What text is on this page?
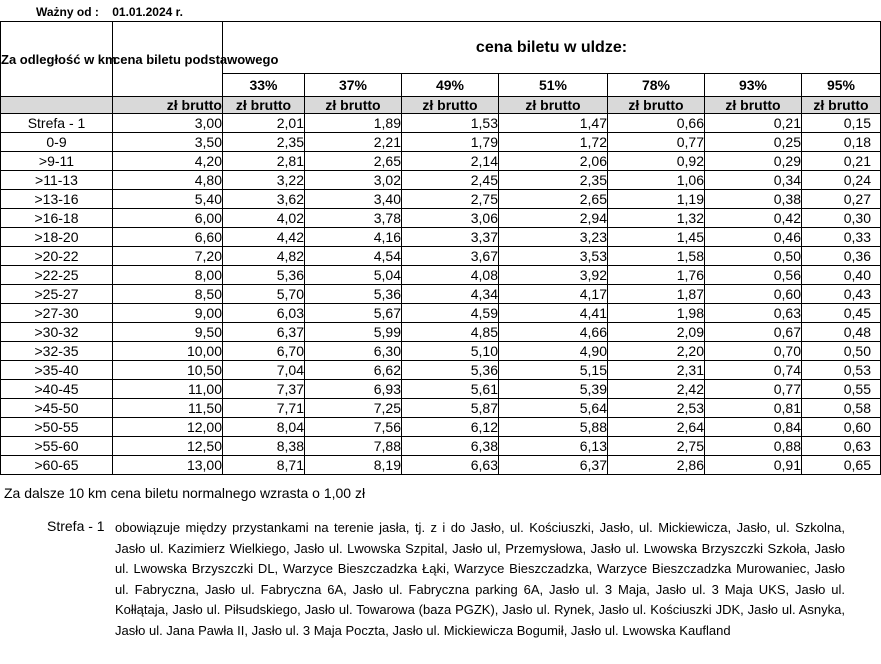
Ważny od : 01.01.2024 r.
Za odległość w km	cena biletu podstawowego	cena biletu w uldze:						
		33%	37%	49%	51%	78%	93%	95%
	zł brutto	zł brutto	zł brutto	zł brutto	zł brutto	zł brutto	zł brutto	zł brutto
Strefa - 1	3,00	2,01	1,89	1,53	1,47	0,66	0,21	0,15
0-9	3,50	2,35	2,21	1,79	1,72	0,77	0,25	0,18
>9-11	4,20	2,81	2,65	2,14	2,06	0,92	0,29	0,21
>11-13	4,80	3,22	3,02	2,45	2,35	1,06	0,34	0,24
>13-16	5,40	3,62	3,40	2,75	2,65	1,19	0,38	0,27
>16-18	6,00	4,02	3,78	3,06	2,94	1,32	0,42	0,30
>18-20	6,60	4,42	4,16	3,37	3,23	1,45	0,46	0,33
>20-22	7,20	4,82	4,54	3,67	3,53	1,58	0,50	0,36
>22-25	8,00	5,36	5,04	4,08	3,92	1,76	0,56	0,40
>25-27	8,50	5,70	5,36	4,34	4,17	1,87	0,60	0,43
>27-30	9,00	6,03	5,67	4,59	4,41	1,98	0,63	0,45
>30-32	9,50	6,37	5,99	4,85	4,66	2,09	0,67	0,48
>32-35	10,00	6,70	6,30	5,10	4,90	2,20	0,70	0,50
>35-40	10,50	7,04	6,62	5,36	5,15	2,31	0,74	0,53
>40-45	11,00	7,37	6,93	5,61	5,39	2,42	0,77	0,55
>45-50	11,50	7,71	7,25	5,87	5,64	2,53	0,81	0,58
>50-55	12,00	8,04	7,56	6,12	5,88	2,64	0,84	0,60
>55-60	12,50	8,38	7,88	6,38	6,13	2,75	0,88	0,63
>60-65	13,00	8,71	8,19	6,63	6,37	2,86	0,91	0,65
Za dalsze 10 km cena biletu normalnego wzrasta o 1,00 zł
Strefa - 1 obowiązuje między przystankami na terenie jasła, tj. z i do Jasło, ul. Kościuszki, Jasło, ul. Mickiewicza, Jasło, ul. Szkolna, Jasło ul. Kazimierz Wielkiego, Jasło ul. Lwowska Szpital, Jasło ul, Przemysłowa, Jasło ul. Lwowska Brzyszczki Szkoła, Jasło ul. Lwowska Brzyszczki DL, Warzyce Bieszczadzka Łąki, Warzyce Bieszczadzka, Warzyce Bieszczadzka Murowaniec, Jasło ul. Fabryczna, Jasło ul. Fabryczna 6A, Jasło ul. Fabryczna parking 6A, Jasło ul. 3 Maja, Jasło ul. 3 Maja UKS, Jasło ul. Kołłątaja, Jasło ul. Piłsudskiego, Jasło ul. Towarowa (baza PGZK), Jasło ul. Rynek, Jasło ul. Kościuszki JDK, Jasło ul. Asnyka, Jasło ul. Jana Pawła II, Jasło ul. 3 Maja Poczta, Jasło ul. Mickiewicza Bogumił, Jasło ul. Lwowska Kaufland
